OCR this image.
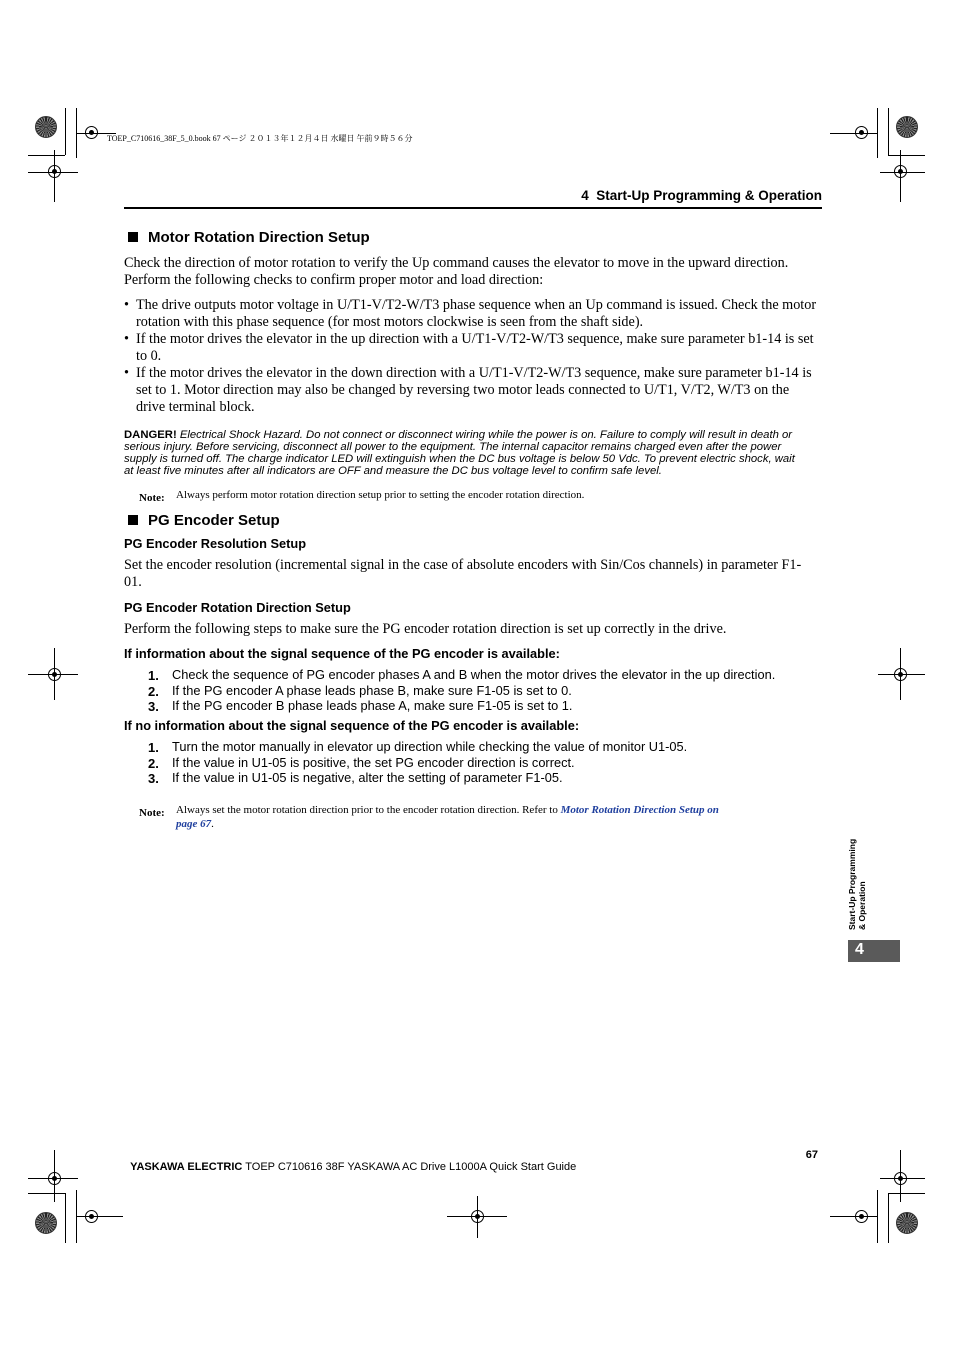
TOEP_C710616_38F_5_0.book 67 ページ ２０１３年１２月４日 水曜日 午前９時５６分
4  Start-Up Programming & Operation
Motor Rotation Direction Setup
Check the direction of motor rotation to verify the Up command causes the elevator to move in the upward direction.
Perform the following checks to confirm proper motor and load direction:
• The drive outputs motor voltage in U/T1-V/T2-W/T3 phase sequence when an Up command is issued. Check the motor
rotation with this phase sequence (for most motors clockwise is seen from the shaft side).
• If the motor drives the elevator in the up direction with a U/T1-V/T2-W/T3 sequence, make sure parameter b1-14 is set
to 0.
• If the motor drives the elevator in the down direction with a U/T1-V/T2-W/T3 sequence, make sure parameter b1-14 is
set to 1. Motor direction may also be changed by reversing two motor leads connected to U/T1, V/T2, W/T3 on the
drive terminal block.
DANGER! Electrical Shock Hazard. Do not connect or disconnect wiring while the power is on. Failure to comply will result in death or
serious injury. Before servicing, disconnect all power to the equipment. The internal capacitor remains charged even after the power
supply is turned off. The charge indicator LED will extinguish when the DC bus voltage is below 50 Vdc. To prevent electric shock, wait
at least five minutes after all indicators are OFF and measure the DC bus voltage level to confirm safe level.
Note: Always perform motor rotation direction setup prior to setting the encoder rotation direction.
PG Encoder Setup
PG Encoder Resolution Setup
Set the encoder resolution (incremental signal in the case of absolute encoders with Sin/Cos channels) in parameter F1-
01.
PG Encoder Rotation Direction Setup
Perform the following steps to make sure the PG encoder rotation direction is set up correctly in the drive.
If information about the signal sequence of the PG encoder is available:
1. Check the sequence of PG encoder phases A and B when the motor drives the elevator in the up direction.
2. If the PG encoder A phase leads phase B, make sure F1-05 is set to 0.
3. If the PG encoder B phase leads phase A, make sure F1-05 is set to 1.
If no information about the signal sequence of the PG encoder is available:
1. Turn the motor manually in elevator up direction while checking the value of monitor U1-05.
2. If the value in U1-05 is positive, the set PG encoder direction is correct.
3. If the value in U1-05 is negative, alter the setting of parameter F1-05.
Note: Always set the motor rotation direction prior to the encoder rotation direction. Refer to Motor Rotation Direction Setup on
page 67.
Start-Up Programming & Operation
4

YASKAWA ELECTRIC TOEP C710616 38F YASKAWA AC Drive L1000A Quick Start Guide

67
